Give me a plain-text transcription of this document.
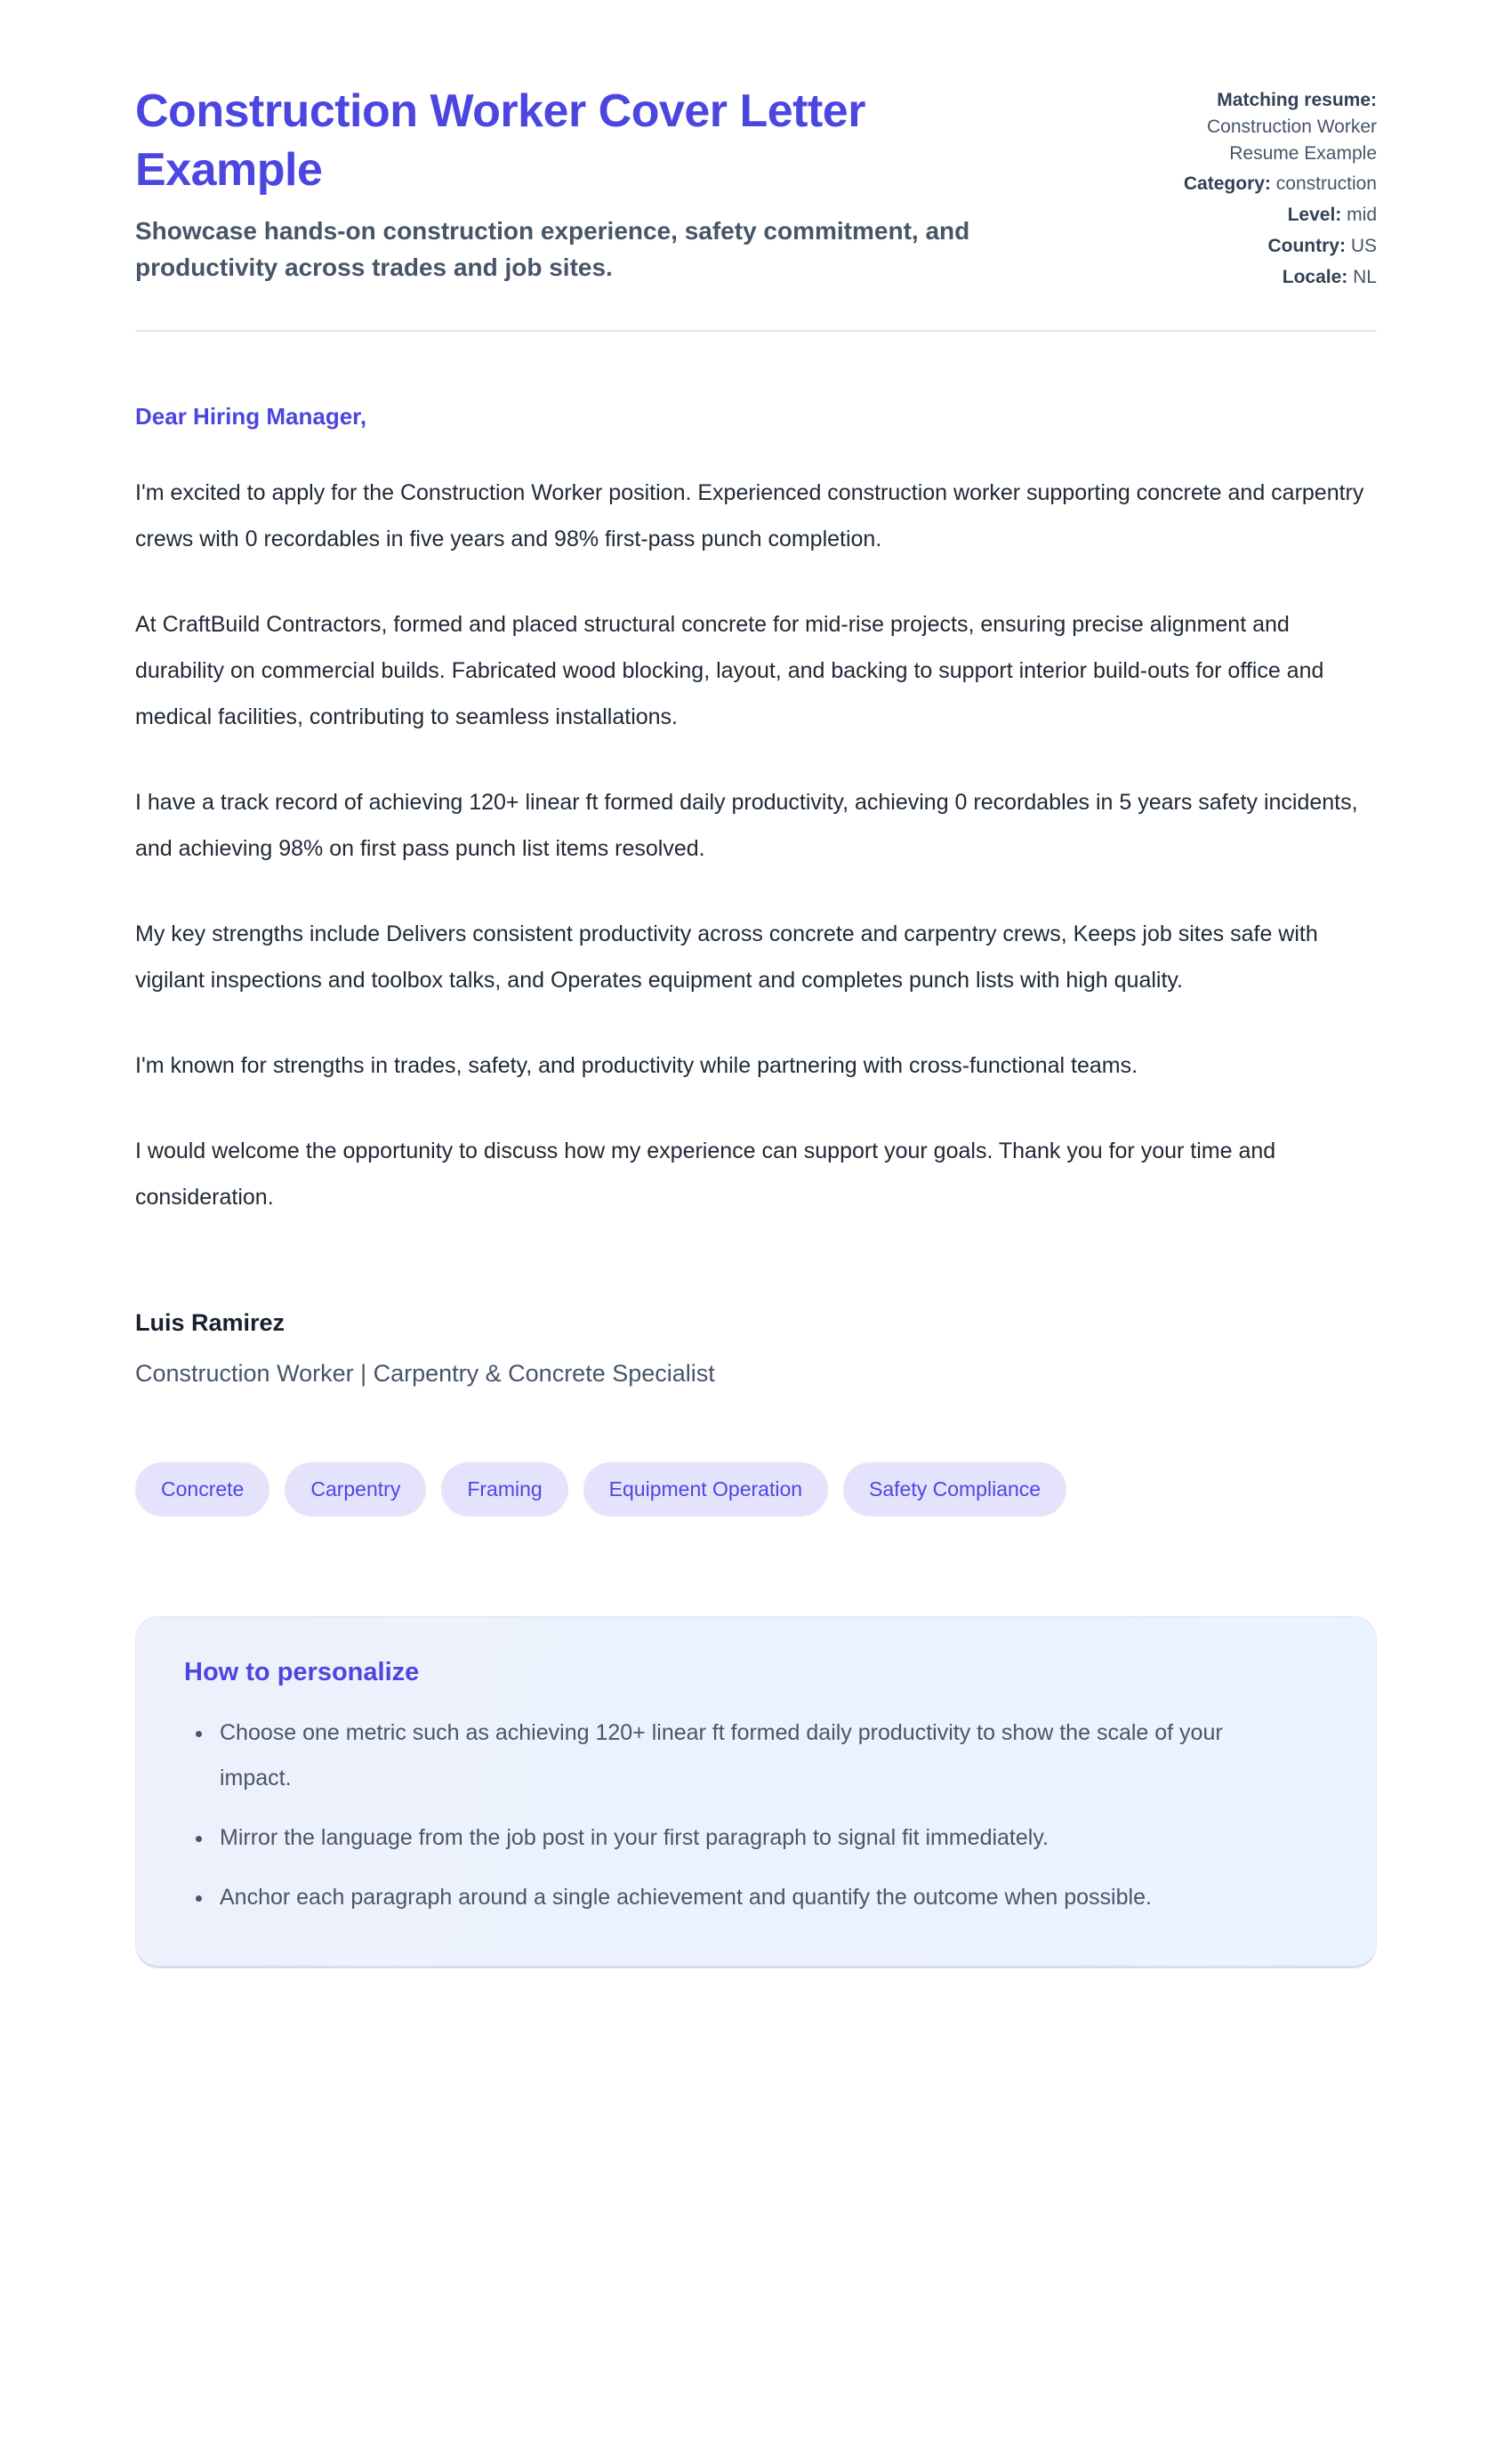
Construction Worker Cover Letter Example

Showcase hands-on construction experience, safety commitment, and productivity across trades and job sites.

Matching resume:
Construction Worker Resume Example
Category: construction
Level: mid
Country: US
Locale: NL

Dear Hiring Manager,

I'm excited to apply for the Construction Worker position. Experienced construction worker supporting concrete and carpentry crews with 0 recordables in five years and 98% first-pass punch completion.

At CraftBuild Contractors, formed and placed structural concrete for mid-rise projects, ensuring precise alignment and durability on commercial builds. Fabricated wood blocking, layout, and backing to support interior build-outs for office and medical facilities, contributing to seamless installations.

I have a track record of achieving 120+ linear ft formed daily productivity, achieving 0 recordables in 5 years safety incidents, and achieving 98% on first pass punch list items resolved.

My key strengths include Delivers consistent productivity across concrete and carpentry crews, Keeps job sites safe with vigilant inspections and toolbox talks, and Operates equipment and completes punch lists with high quality.

I'm known for strengths in trades, safety, and productivity while partnering with cross-functional teams.

I would welcome the opportunity to discuss how my experience can support your goals. Thank you for your time and consideration.

Luis Ramirez

Construction Worker | Carpentry & Concrete Specialist

Concrete	Carpentry	Framing	Equipment Operation	Safety Compliance
How to personalize
• Choose one metric such as achieving 120+ linear ft formed daily productivity to show the scale of your impact.
• Mirror the language from the job post in your first paragraph to signal fit immediately.
• Anchor each paragraph around a single achievement and quantify the outcome when possible.
